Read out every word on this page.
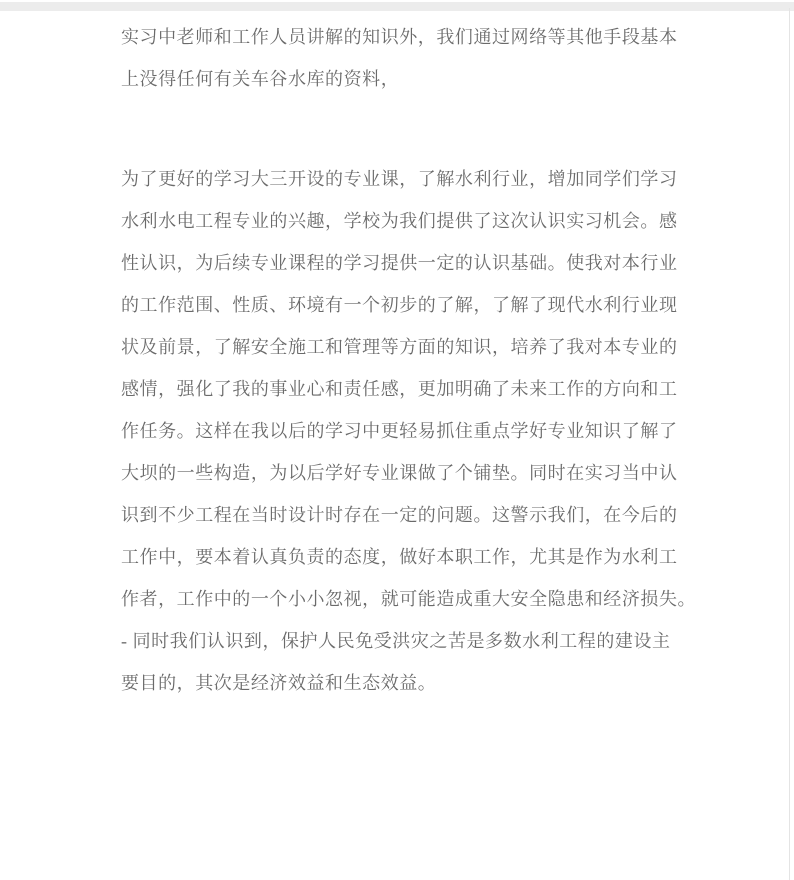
实习中老师和工作人员讲解的知识外，我们通过网络等其他手段基本
上没得任何有关车谷水库的资料，
为了更好的学习大三开设的专业课，了解水利行业，增加同学们学习
水利水电工程专业的兴趣，学校为我们提供了这次认识实习机会。感
性认识，为后续专业课程的学习提供一定的认识基础。使我对本行业
的工作范围、性质、环境有一个初步的了解，了解了现代水利行业现
状及前景，了解安全施工和管理等方面的知识，培养了我对本专业的
感情，强化了我的事业心和责任感，更加明确了未来工作的方向和工
作任务。这样在我以后的学习中更轻易抓住重点学好专业知识了解了
大坝的一些构造，为以后学好专业课做了个铺垫。同时在实习当中认
识到不少工程在当时设计时存在一定的问题。这警示我们，在今后的
工作中，要本着认真负责的态度，做好本职工作，尤其是作为水利工
作者，工作中的一个小小忽视，就可能造成重大安全隐患和经济损失。
- 同时我们认识到，保护人民免受洪灾之苦是多数水利工程的建设主
要目的，其次是经济效益和生态效益。
